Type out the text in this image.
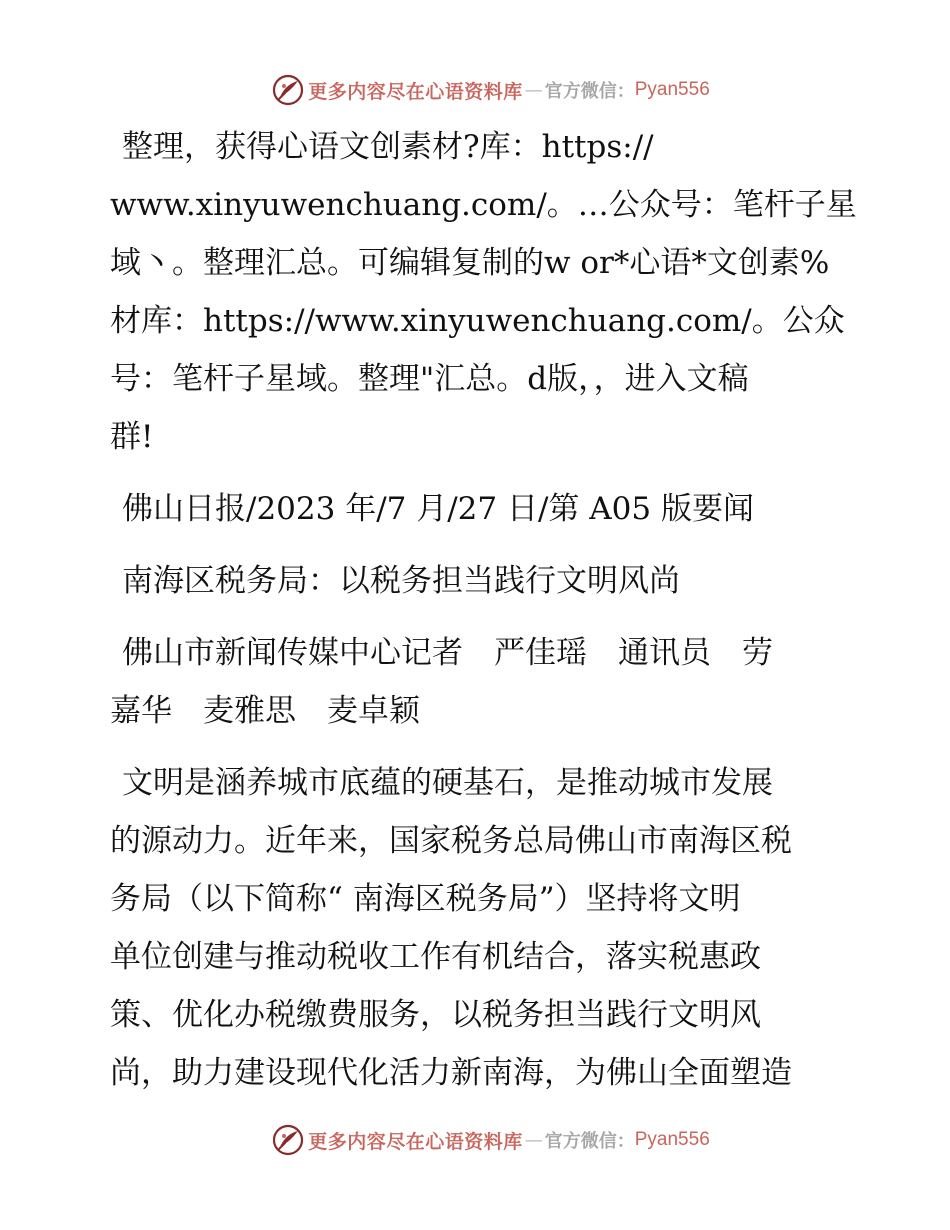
更多内容尽在心语资料库 — 官方微信： Pyan556
整理，获得心语文创素材?库：https://
www.xinyuwenchuang.com/。…公众号：笔杆子星
域丶。整理汇总。可编辑复制的w or*心语*文创素%
材库：https://www.xinyuwenchuang.com/。公众
号：笔杆子星域。整理"汇总。d版，，进入文稿
群!
佛山日报/2023 年/7 月/27 日/第 A05 版要闻
南海区税务局：以税务担当践行文明风尚
佛山市新闻传媒中心记者　严佳瑶　通讯员　劳
嘉华　麦雅思　麦卓颖
文明是涵养城市底蕴的硬基石，是推动城市发展
的源动力。近年来，国家税务总局佛山市南海区税
务局（以下简称“ 南海区税务局”）坚持将文明
单位创建与推动税收工作有机结合，落实税惠政
策、优化办税缴费服务，以税务担当践行文明风
尚，助力建设现代化活力新南海，为佛山全面塑造
更多内容尽在心语资料库 — 官方微信： Pyan556
